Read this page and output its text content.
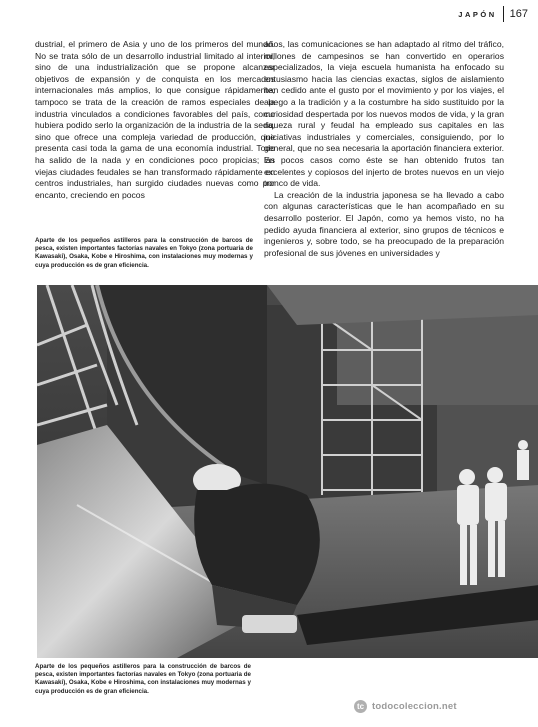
JAPÓN 167

dustrial, el primero de Asia y uno de los primeros del mundo. No se trata sólo de un desarrollo industrial limitado al interior, sino de una industrialización que se propone alcanzar objetivos de expansión y de conquista en los mercados internacionales más amplios, lo que consigue rápidamente; tampoco se trata de la creación de ramos especiales de la industria vinculados a condiciones favorables del país, como hubiera podido serlo la organización de la industria de la seda, sino que ofrece una compleja variedad de producción, que presenta casi toda la gama de una economía industrial. Todo ha salido de la nada y en condiciones poco propicias; las viejas ciudades feudales se han transformado rápidamente en centros industriales, han surgido ciudades nuevas como por encanto, creciendo en pocos

años, las comunicaciones se han adaptado al ritmo del tráfico, millones de campesinos se han convertido en operarios especializados, la vieja escuela humanista ha enfocado su entusiasmo hacia las ciencias exactas, siglos de aislamiento han cedido ante el gusto por el movimiento y por los viajes, el apego a la tradición y a la costumbre ha sido sustituido por la curiosidad despertada por los nuevos modos de vida, y la gran riqueza rural y feudal ha empleado sus capitales en las iniciativas industriales y comerciales, consiguiendo, por lo general, que no sea necesaria la aportación financiera exterior. En pocos casos como éste se han obtenido frutos tan excelentes y copiosos del injerto de brotes nuevos en un viejo tronco de vida.

La creación de la industria japonesa se ha llevado a cabo con algunas características que le han acompañado en su desarrollo posterior. El Japón, como ya hemos visto, no ha pedido ayuda financiera al exterior, sino grupos de técnicos e ingenieros y, sobre todo, se ha preocupado de la preparación profesional de sus jóvenes en universidades y

Aparte de los pequeños astilleros para la construcción de barcos de pesca, existen importantes factorías navales en Tokyo (zona portuaria de Kawasaki), Osaka, Kobe e Hiroshima, con instalaciones muy modernas y cuya producción es de gran eficiencia.
Aparte de los pequeños astilleros para la construcción de barcos de pesca, existen importantes factorías navales en Tokyo (zona portuaria de Kawasaki), Osaka, Kobe e Hiroshima, con instalaciones muy modernas y cuya producción es de gran eficiencia.
tc todocoleccion.net
